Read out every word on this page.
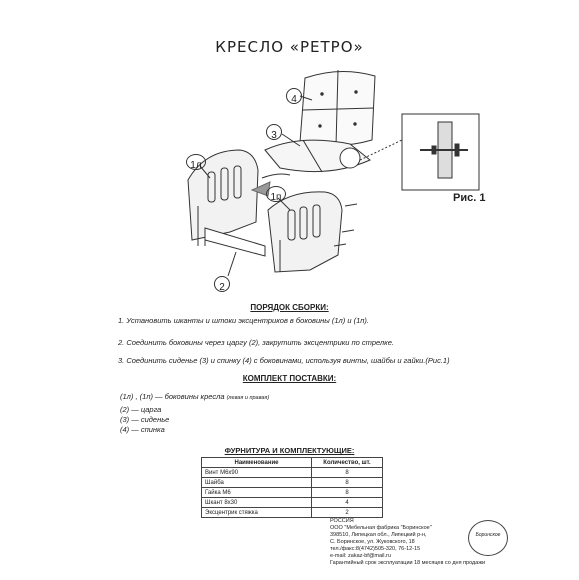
КРЕСЛО «РЕТРО»
4
3
1л
1п
2
Рис. 1
ПОРЯДОК СБОРКИ:
1. Установить шканты и штоки эксцентриков в боковины (1л) и (1п).
2. Соединить боковины через царгу (2), закрутить эксцентрики по стрелке.
3. Соединить сиденье (3) и спинку (4) с боковинами, используя винты, шайбы и гайки.(Рис.1)
КОМПЛЕКТ ПОСТАВКИ:
(1л) , (1п) — боковины кресла (левая и правая)
(2) — царга
(3) — сиденье
(4) — спинка
ФУРНИТУРА И КОМПЛЕКТУЮЩИЕ:
Наименование	Количество, шт.
Винт М6х90	8
Шайба	8
Гайка М6	8
Шкант 8х30	4
Эксцентрик стяжка	2
РОССИЯ
ООО "Мебельная фабрика "Боринское"
398510, Липецкая обл., Липецкий р-н,
С. Боринское, ул. Жуковского, 18
тел./факс:8(4742)505-320, 76-12-15
e-mail: zakaz-bf@mail.ru
Гарантийный срок эксплуатации 18 месяцев со дня продажи
Боринское
